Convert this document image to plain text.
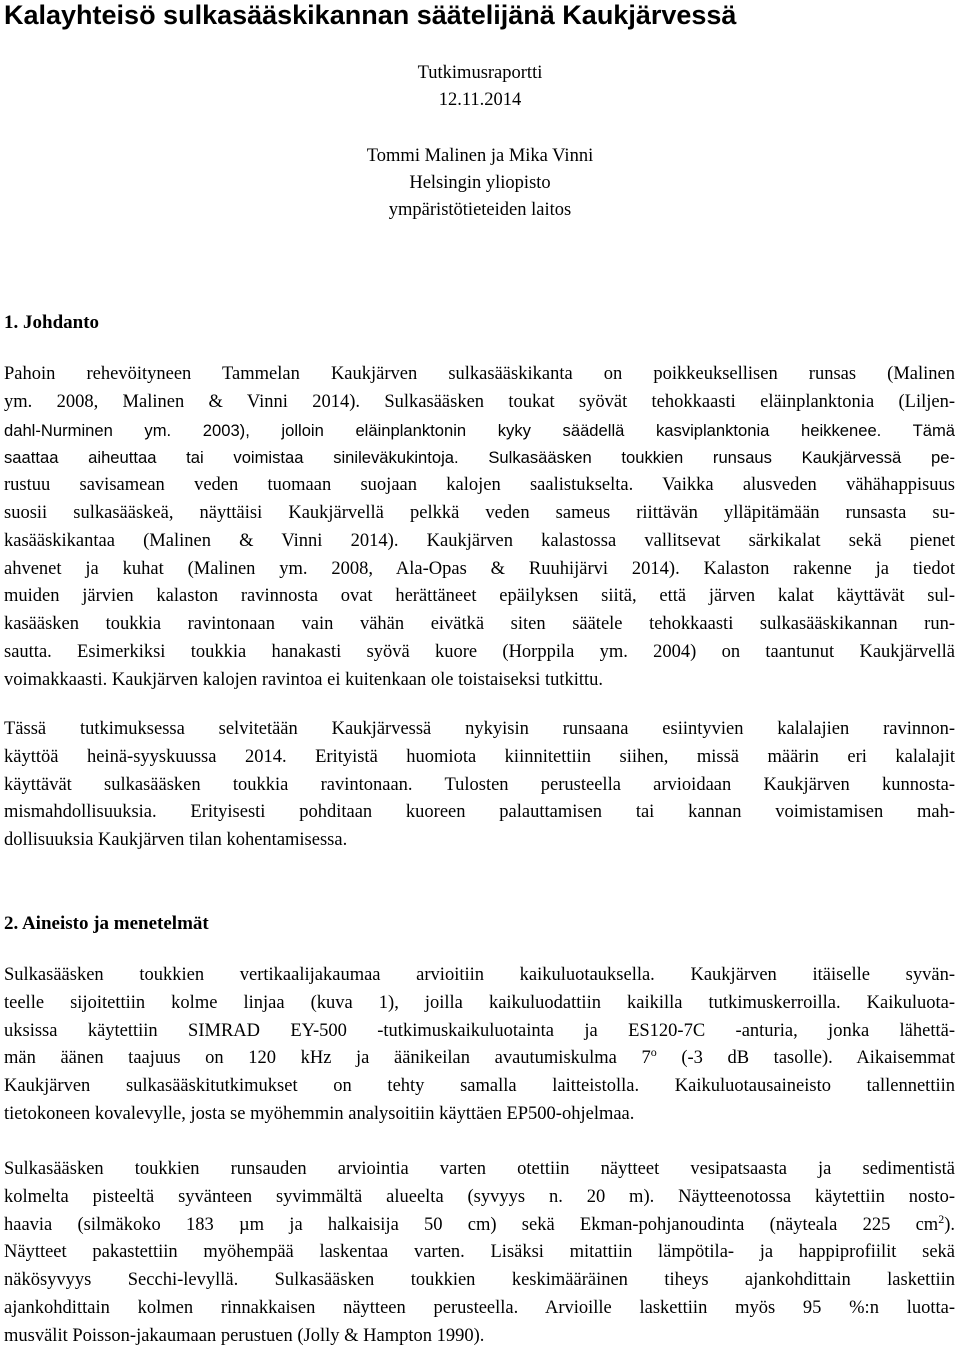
Kalayhteisö sulkasääskikannan säätelijänä Kaukjärvessä
Tutkimusraportti
12.11.2014
Tommi Malinen ja Mika Vinni
Helsingin yliopisto
ympäristötieteiden laitos
1. Johdanto
Pahoin rehevöityneen Tammelan Kaukjärven sulkasääskikanta on poikkeuksellisen runsas (Malinen
ym. 2008, Malinen & Vinni 2014). Sulkasääsken toukat syövät tehokkaasti eläinplanktonia (Liljen-
dahl-Nurminen ym. 2003), jolloin eläinplanktonin kyky säädellä kasviplanktonia heikkenee. Tämä
saattaa aiheuttaa tai voimistaa sinileväkukintoja. Sulkasääsken toukkien runsaus Kaukjärvessä pe-
rustuu savisamean veden tuomaan suojaan kalojen saalistukselta. Vaikka alusveden vähähappisuus
suosii sulkasääskeä, näyttäisi Kaukjärvellä pelkkä veden sameus riittävän ylläpitämään runsasta su-
kasääskikantaa (Malinen & Vinni 2014). Kaukjärven kalastossa vallitsevat särkikalat sekä pienet
ahvenet ja kuhat (Malinen ym. 2008, Ala-Opas & Ruuhijärvi 2014). Kalaston rakenne ja tiedot
muiden järvien kalaston ravinnosta ovat herättäneet epäilyksen siitä, että järven kalat käyttävät sul-
kasääsken toukkia ravintonaan vain vähän eivätkä siten säätele tehokkaasti sulkasääskikannan run-
sautta. Esimerkiksi toukkia hanakasti syövä kuore (Horppila ym. 2004) on taantunut Kaukjärvellä
voimakkaasti. Kaukjärven kalojen ravintoa ei kuitenkaan ole toistaiseksi tutkittu.
Tässä tutkimuksessa selvitetään Kaukjärvessä nykyisin runsaana esiintyvien kalalajien ravinnon-
käyttöä heinä-syyskuussa 2014. Erityistä huomiota kiinnitettiin siihen, missä määrin eri kalalajit
käyttävät sulkasääsken toukkia ravintonaan. Tulosten perusteella arvioidaan Kaukjärven kunnosta-
mismahdollisuuksia. Erityisesti pohditaan kuoreen palauttamisen tai kannan voimistamisen mah-
dollisuuksia Kaukjärven tilan kohentamisessa.
2. Aineisto ja menetelmät
Sulkasääsken toukkien vertikaalijakaumaa arvioitiin kaikuluotauksella. Kaukjärven itäiselle syvän-
teelle sijoitettiin kolme linjaa (kuva 1), joilla kaikuluodattiin kaikilla tutkimuskerroilla. Kaikuluota-
uksissa käytettiin SIMRAD EY-500 -tutkimuskaikuluotainta ja ES120-7C -anturia, jonka lähettä-
män äänen taajuus on 120 kHz ja äänikeilan avautumiskulma 7$^o$ (-3 dB tasolle). Aikaisemmat
Kaukjärven sulkasääskitutkimukset on tehty samalla laitteistolla. Kaikuluotausaineisto tallennettiin
tietokoneen kovalevylle, josta se myöhemmin analysoitiin käyttäen EP500-ohjelmaa.
Sulkasääsken toukkien runsauden arviointia varten otettiin näytteet vesipatsaasta ja sedimentistä
kolmelta pisteeltä syvänteen syvimmältä alueelta (syvyys n. 20 m). Näytteenotossa käytettiin nosto-
haavia (silmäkoko 183 µm ja halkaisija 50 cm) sekä Ekman-pohjanoudinta (näyteala 225 $cm^2$).
Näytteet pakastettiin myöhempää laskentaa varten. Lisäksi mitattiin lämpötila- ja happiprofiilit sekä
näkösyvyys Secchi-levyllä. Sulkasääsken toukkien keskimääräinen tiheys ajankohdittain laskettiin
ajankohdittain kolmen rinnakkaisen näytteen perusteella. Arvioille laskettiin myös 95 %:n luotta-
musvälit Poisson-jakaumaan perustuen (Jolly & Hampton 1990).
